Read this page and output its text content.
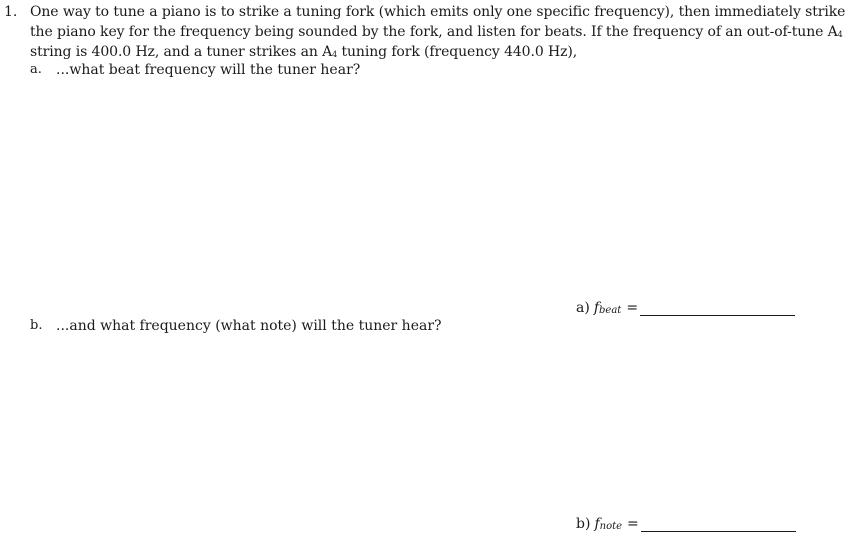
1. One way to tune a piano is to strike a tuning fork (which emits only one specific frequency), then immediately strike
the piano key for the frequency being sounded by the fork, and listen for beats. If the frequency of an out-of-tune $A_4$
string is 400.0 Hz, and a tuner strikes an $A_4$ tuning fork (frequency 440.0 Hz),
a. ...what beat frequency will the tuner hear?
a) f beat =
b. ...and what frequency (what note) will the tuner hear?
b) f note =
